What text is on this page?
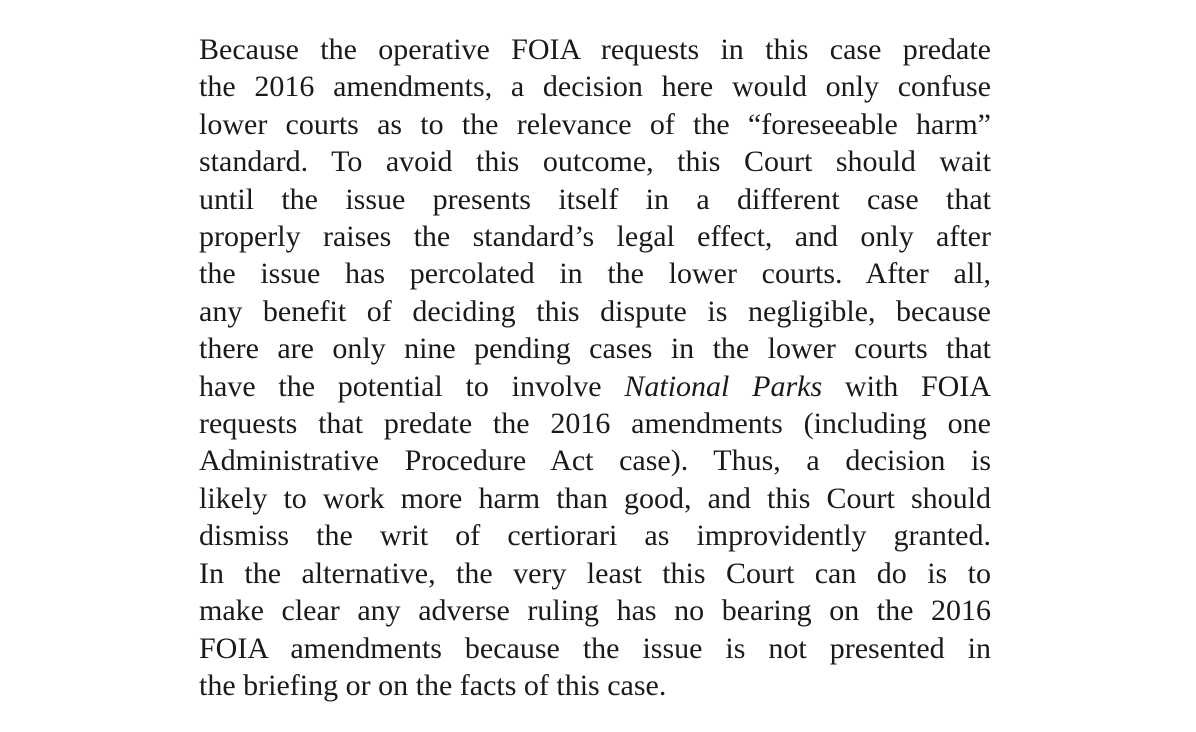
Because the operative FOIA requests in this case predate
the 2016 amendments, a decision here would only confuse
lower courts as to the relevance of the “foreseeable harm”
standard. To avoid this outcome, this Court should wait
until the issue presents itself in a different case that
properly raises the standard’s legal effect, and only after
the issue has percolated in the lower courts. After all,
any benefit of deciding this dispute is negligible, because
there are only nine pending cases in the lower courts that
have the potential to involve National Parks with FOIA
requests that predate the 2016 amendments (including one
Administrative Procedure Act case). Thus, a decision is
likely to work more harm than good, and this Court should
dismiss the writ of certiorari as improvidently granted.
In the alternative, the very least this Court can do is to
make clear any adverse ruling has no bearing on the 2016
FOIA amendments because the issue is not presented in
the briefing or on the facts of this case.
